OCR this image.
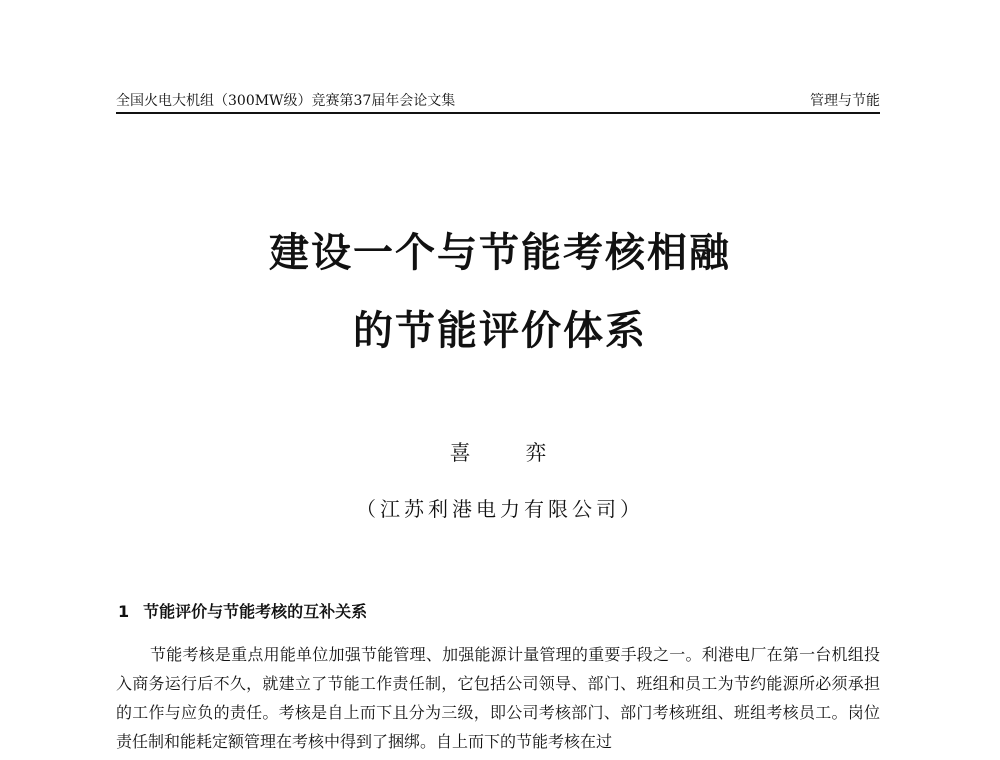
全国火电大机组（300MW级）竞赛第37届年会论文集	管理与节能
建设一个与节能考核相融
的节能评价体系
喜 弈
（江苏利港电力有限公司）
1 节能评价与节能考核的互补关系

节能考核是重点用能单位加强节能管理、加强能源计量管理的重要手段之一。利港电厂在第一台机组投入商务运行后不久，就建立了节能工作责任制，它包括公司领导、部门、班组和员工为节约能源所必须承担的工作与应负的责任。考核是自上而下且分为三级，即公司考核部门、部门考核班组、班组考核员工。岗位责任制和能耗定额管理在考核中得到了捆绑。自上而下的节能考核在过
